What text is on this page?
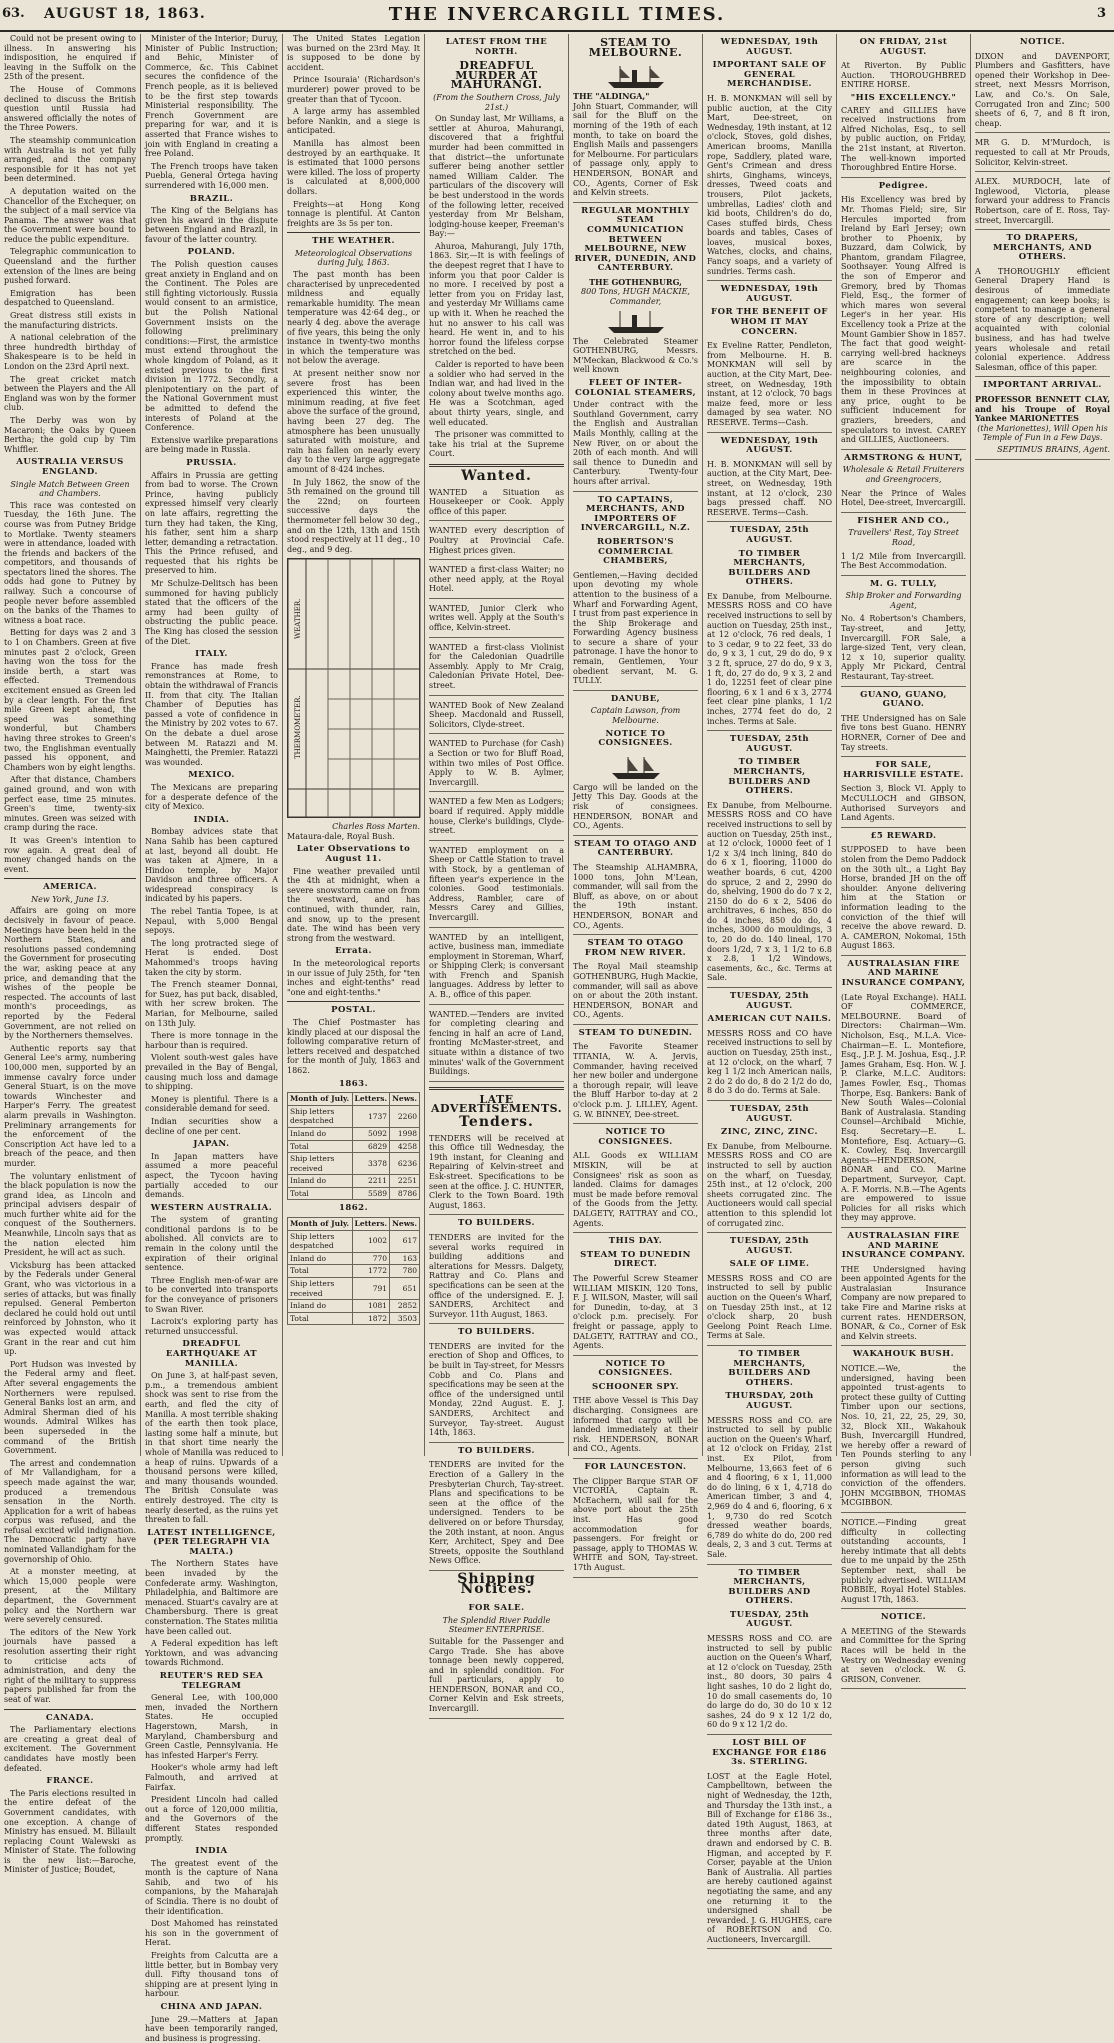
63. AUGUST 18, 1863.	THE INVERCARGILL TIMES.	3

Could not be present owing to illness. In answering his indisposition, he enquired if leaving in the Suffolk on the 25th of the present.

The House of Commons declined to discuss the British question until Russia had answered officially the notes of the Three Powers.

The steamship communication with Australia is not yet fully arranged, and the company responsible for it has not yet been determined.

A deputation waited on the Chancellor of the Exchequer, on the subject of a mail service via Panama. The answer was that the Government were bound to reduce the public expenditure.

Telegraphic communication to Queensland and the further extension of the lines are being pushed forward.

Emigration has been despatched to Queensland.

Great distress still exists in the manufacturing districts.

A national celebration of the three hundredth birthday of Shakespeare is to be held in London on the 23rd April next.

The great cricket match between the Players and the All England was won by the former club.

The Derby was won by Macaroni; the Oaks by Queen Bertha; the gold cup by Tim Whiffler.

AUSTRALIA VERSUS ENGLAND.
Single Match Between Green and Chambers.

This race was contested on Tuesday, the 16th June. The course was from Putney Bridge to Mortlake. Twenty steamers were in attendance, loaded with the friends and backers of the competitors, and thousands of spectators lined the shores. The odds had gone to Putney by railway. Such a concourse of people never before assembled on the banks of the Thames to witness a boat race.

Betting for days was 2 and 3 to 1 on Chambers. Green at five minutes past 2 o'clock, Green having won the toss for the inside berth, a start was effected. Tremendous excitement ensued as Green led by a clear length. For the first mile Green kept ahead, the speed was something wonderful, but Chambers having three strokes to Green's two, the Englishman eventually passed his opponent, and Chambers won by eight lengths.

After that distance, Chambers gained ground, and won with perfect ease, time 25 minutes. Green's time, twenty-six minutes. Green was seized with cramp during the race.

It was Green's intention to row again. A great deal of money changed hands on the event.

AMERICA.
New York, June 13.

Affairs are going on more decisively in favour of peace. Meetings have been held in the Northern States, and resolutions passed condemning the Government for prosecuting the war, asking peace at any price, and demanding that the wishes of the people be respected. The accounts of last month's proceedings, as reported by the Federal Government, are not relied on by the Northerners themselves.

Authentic reports say that General Lee's army, numbering 100,000 men, supported by an immense cavalry force under General Stuart, is on the move towards Winchester and Harper's Ferry. The greatest alarm prevails in Washington. Preliminary arrangements for the enforcement of the Conscription Act have led to a breach of the peace, and then murder.

The voluntary enlistment of the black population is now the grand idea, as Lincoln and principal advisers despair of much further white aid for the conquest of the Southerners. Meanwhile, Lincoln says that as the nation elected him President, he will act as such.

Vicksburg has been attacked by the Federals under General Grant, who was victorious in a series of attacks, but was finally repulsed. General Pemberton declared he could hold out until reinforced by Johnston, who it was expected would attack Grant in the rear and cut him up.

Port Hudson was invested by the Federal army and fleet. After several engagements the Northerners were repulsed. General Banks lost an arm, and Admiral Sherman died of his wounds. Admiral Wilkes has been superseded in the command of the British Government.

The arrest and condemnation of Mr Vallandigham, for a speech made against the war, produced a tremendous sensation in the North. Application for a writ of habeas corpus was refused, and the refusal excited wild indignation. The Democratic party have nominated Vallandigham for the governorship of Ohio.

At a monster meeting, at which 15,000 people were present, at the Military department, the Government policy and the Northern war were severely censured.

The editors of the New York journals have passed a resolution asserting their right to criticise acts of administration, and deny the right of the military to suppress papers published far from the seat of war.

CANADA.

The Parliamentary elections are creating a great deal of excitement. The Government candidates have mostly been defeated.

FRANCE.

The Paris elections resulted in the entire defeat of the Government candidates, with one exception. A change of Ministry has ensued. M. Billault replacing Count Walewski as Minister of State. The following is the new list:—Baroche, Minister of Justice; Boudet,

Minister of the Interior; Duruy, Minister of Public Instruction; and Behic, Minister of Commerce, &c. This Cabinet secures the confidence of the French people, as it is believed to be the first step towards Ministerial responsibility. The French Government are preparing for war, and it is asserted that France wishes to join with England in creating a free Poland.

The French troops have taken Puebla, General Ortega having surrendered with 16,000 men.

BRAZIL.

The King of the Belgians has given his award in the dispute between England and Brazil, in favour of the latter country.

POLAND.

The Polish question causes great anxiety in England and on the Continent. The Poles are still fighting victoriously. Russia would consent to an armistice, but the Polish National Government insists on the following preliminary conditions:—First, the armistice must extend throughout the whole kingdom of Poland, as it existed previous to the first division in 1772. Secondly, a plenipotentiary on the part of the National Government must be admitted to defend the interests of Poland at the Conference.

Extensive warlike preparations are being made in Russia.

PRUSSIA.

Affairs in Prussia are getting from bad to worse. The Crown Prince, having publicly expressed himself very clearly on late affairs, regretting the turn they had taken, the King, his father, sent him a sharp letter, demanding a retractation. This the Prince refused, and requested that his rights be preserved to him.

Mr Schulze-Delitsch has been summoned for having publicly stated that the officers of the army had been guilty of obstructing the public peace. The King has closed the session of the Diet.

ITALY.

France has made fresh remonstrances at Rome, to obtain the withdrawal of Francis II. from that city. The Italian Chamber of Deputies has passed a vote of confidence in the Ministry by 202 votes to 67. On the debate a duel arose between M. Ratazzi and M. Mainghetti, the Premier. Ratazzi was wounded.

MEXICO.

The Mexicans are preparing for a desperate defence of the city of Mexico.

INDIA.

Bombay advices state that Nana Sahib has been captured at last, beyond all doubt. He was taken at Ajmere, in a Hindoo temple, by Major Davidson and three officers. A widespread conspiracy is indicated by his papers.

The rebel Tantia Topee, is at Nepaul, with 5,000 Bengal sepoys.

The long protracted siege of Herat is ended. Dost Mahommed's troops having taken the city by storm.

The French steamer Donnai, for Suez, has put back, disabled, with her screw broken. The Marian, for Melbourne, sailed on 13th July.

There is more tonnage in the harbour than is required.

Violent south-west gales have prevailed in the Bay of Bengal, causing much loss and damage to shipping.

Money is plentiful. There is a considerable demand for seed.

Indian securities show a decline of one per cent.

JAPAN.

In Japan matters have assumed a more peaceful aspect, the Tycoon having partially acceded to our demands.

WESTERN AUSTRALIA.

The system of granting conditional pardons is to be abolished. All convicts are to remain in the colony until the expiration of their original sentence.

Three English men-of-war are to be converted into transports for the conveyance of prisoners to Swan River.

Lacroix's exploring party has returned unsuccessful.

DREADFUL EARTHQUAKE AT MANILLA.

On June 3, at half-past seven, p.m., a tremendous ambient shock was sent to rise from the earth, and fled the city of Manilla. A most terrible shaking of the earth then took place, lasting some half a minute, but in that short time nearly the whole of Manilla was reduced to a heap of ruins. Upwards of a thousand persons were killed, and many thousands wounded. The British Consulate was entirely destroyed. The city is nearly deserted, as the ruins yet threaten to fall.

LATEST INTELLIGENCE, (PER TELEGRAPH VIA MALTA.)

The Northern States have been invaded by the Confederate army. Washington, Philadelphia, and Baltimore are menaced. Stuart's cavalry are at Chambersburg. There is great consternation. The States militia have been called out.

A Federal expedition has left Yorktown, and was advancing towards Richmond.

REUTER'S RED SEA TELEGRAM

General Lee, with 100,000 men, invaded the Northern States. He occupied Hagerstown, Marsh, in Maryland, Chambersburg and Green Castle, Pennsylvania. He has infested Harper's Ferry.

Hooker's whole army had left Falmouth, and arrived at Fairfax.

President Lincoln had called out a force of 120,000 militia, and the Governors of the different States responded promptly.

INDIA

The greatest event of the month is the capture of Nana Sahib, and two of his companions, by the Maharajah of Scindia. There is no doubt of their identification.

Dost Mahomed has reinstated his son in the government of Herat.

Freights from Calcutta are a little better, but in Bombay very dull. Fifty thousand tons of shipping are at present lying in harbour.

CHINA AND JAPAN.

June 29.—Matters at Japan have been temporarily ranged, and business is progressing.

The United States Legation was burned on the 23rd May. It is supposed to be done by accident.

Prince Isouraia' (Richardson's murderer) power proved to be greater than that of Tycoon.

A large army has assembled before Nankin, and a siege is anticipated.

Manilla has almost been destroyed by an earthquake. It is estimated that 1000 persons were killed. The loss of property is calculated at 8,000,000 dollars.

Freights—at Hong Kong tonnage is plentiful. At Canton freights are 3s 5s per ton.

THE WEATHER.
Meteorological Observations during July, 1863.

The past month has been characterised by unprecedented mildness and equally remarkable humidity. The mean temperature was 42·64 deg., or nearly 4 deg. above the average of five years, this being the only instance in twenty-two months in which the temperature was not below the average.

At present neither snow nor severe frost has been experienced this winter, the minimum reading, at five feet above the surface of the ground, having been 27 deg. The atmosphere has been unusually saturated with moisture, and rain has fallen on nearly every day to the very large aggregate amount of 8·424 inches.

In July 1862, the snow of the 5th remained on the ground till the 22nd; on fourteen successive days the thermometer fell below 30 deg., and on the 12th, 13th and 15th stood respectively at 11 deg., 10 deg., and 9 deg.

WEATHER.
THERMOMETER.
Charles Ross Marten.
Mataura-dale, Royal Bush.
Later Observations to August 11.

Fine weather prevailed until the 4th at midnight, when a severe snowstorm came on from the westward, and has continued, with thunder, rain, and snow, up to the present date. The wind has been very strong from the westward.

Errata.

In the meteorological reports in our issue of July 25th, for "ten inches and eight-tenths" read "one and eight-tenths."

POSTAL.

The Chief Postmaster has kindly placed at our disposal the following comparative return of letters received and despatched for the month of July, 1863 and 1862.

1863.
Month of July.	Letters.	News.
Ship letters despatched	1737	2260
Inland do	5092	1998
Total	6829	4258
Ship letters received	3378	6236
Inland do	2211	2251
Total	5589	8786
1862.
Month of July.	Letters.	News.
Ship letters despatched	1002	617
Inland do	770	163
Total	1772	780
Ship letters received	791	651
Inland do	1081	2852
Total	1872	3503
LATEST FROM THE NORTH.
DREADFUL MURDER AT MAHURANGI.
(From the Southern Cross, July 21st.)

On Sunday last, Mr Williams, a settler at Ahuroa, Mahurangi, discovered that a frightful murder had been committed in that district—the unfortunate sufferer being another settler named William Calder. The particulars of the discovery will be best understood in the words of the following letter, received yesterday from Mr Belsham, lodging-house keeper, Freeman's Bay:—

Ahuroa, Mahurangi, July 17th, 1863. Sir,—It is with feelings of the deepest regret that I have to inform you that poor Calder is no more. I received by post a letter from you on Friday last, and yesterday Mr Williams came up with it. When he reached the hut no answer to his call was heard. He went in, and to his horror found the lifeless corpse stretched on the bed.

Calder is reported to have been a soldier who had served in the Indian war, and had lived in the colony about twelve months ago. He was a Scotchman, aged about thirty years, single, and well educated.

The prisoner was committed to take his trial at the Supreme Court.

Wanted.
WANTED a Situation as Housekeeper or Cook. Apply office of this paper.
WANTED every description of Poultry at Provincial Cafe. Highest prices given.
WANTED a first-class Waiter; no other need apply, at the Royal Hotel.
WANTED, Junior Clerk who writes well. Apply at the South's office, Kelvin-street.
WANTED a first-class Violinist for the Caledonian Quadrille Assembly. Apply to Mr Craig, Caledonian Private Hotel, Dee-street.
WANTED Book of New Zealand Sheep. Macdonald and Russell, Solicitors, Clyde-street.
WANTED to Purchase (for Cash) a Section or two for Bluff Road, within two miles of Post Office. Apply to W. B. Aylmer, Invercargill.
WANTED a few Men as Lodgers; board if required. Apply middle house, Clerke's buildings, Clyde-street.
WANTED employment on a Sheep or Cattle Station to travel with Stock, by a gentleman of fifteen year's experience in the colonies. Good testimonials. Address, Rambler, care of Messrs Carey and Gillies, Invercargill.
WANTED by an intelligent, active, business man, immediate employment in Storeman, Wharf, or Shipping Clerk; is conversant with French and Spanish languages. Address by letter to A. B., office of this paper.
WANTED.—Tenders are invited for completing clearing and fencing in half an acre of Land, fronting McMaster-street, and situate within a distance of two minutes' walk of the Government Buildings.
LATE ADVERTISEMENTS.
Tenders.
TENDERS will be received at this Office till Wednesday, the 19th instant, for Cleaning and Repairing of Kelvin-street and Esk-street. Specifications to be seen at the office. J. C. HUNTER, Clerk to the Town Board. 19th August, 1863.
TO BUILDERS.
TENDERS are invited for the several works required in building additions and alterations for Messrs. Dalgety, Rattray and Co. Plans and specifications can be seen at the office of the undersigned. E. J. SANDERS, Architect and Surveyor. 11th August, 1863.
TO BUILDERS.
TENDERS are invited for the erection of Shop and Offices, to be built in Tay-street, for Messrs Cobb and Co. Plans and specifications may be seen at the office of the undersigned until Monday, 22nd August. E. J. SANDERS, Architect and Surveyor, Tay-street. August 14th, 1863.
TO BUILDERS.
TENDERS are invited for the Erection of a Gallery in the Presbyterian Church, Tay-street. Plans and specifications to be seen at the office of the undersigned. Tenders to be delivered on or before Thursday, the 20th instant, at noon. Angus Kerr, Architect, Spey and Dee Streets, opposite the Southland News Office.
Shipping Notices.
FOR SALE.
The Splendid River Paddle Steamer ENTERPRISE.
Suitable for the Passenger and Cargo Trade. She has above tonnage been newly coppered, and in splendid condition. For full particulars, apply to HENDERSON, BONAR and CO., Corner Kelvin and Esk streets, Invercargill.
STEAM TO MELBOURNE.
THE "ALDINGA,"
John Stuart, Commander, will sail for the Bluff on the morning of the 19th of each month, to take on board the English Mails and passengers for Melbourne. For particulars of passage only, apply to HENDERSON, BONAR and CO., Agents, Corner of Esk and Kelvin streets.
REGULAR MONTHLY STEAM COMMUNICATION BETWEEN MELBOURNE, NEW RIVER, DUNEDIN, AND CANTERBURY.
THE GOTHENBURG,
800 Tons, HUGH MACKIE, Commander,
The Celebrated Steamer GOTHENBURG, Messrs. M'Meckan, Blackwood & Co.'s well known
FLEET OF INTER-COLONIAL STEAMERS,
Under contract with the Southland Government, carry the English and Australian Mails Monthly, calling at the New River, on or about the 20th of each month. And will sail thence to Dunedin and Canterbury. Twenty-four hours after arrival.
TO CAPTAINS, MERCHANTS, AND IMPORTERS OF INVERCARGILL, N.Z.
ROBERTSON'S COMMERCIAL CHAMBERS,
Gentlemen,—Having decided upon devoting my whole attention to the business of a Wharf and Forwarding Agent, I trust from past experience in the Ship Brokerage and Forwarding Agency business to secure a share of your patronage. I have the honor to remain, Gentlemen, Your obedient servant, M. G. TULLY.
DANUBE,
Captain Lawson, from Melbourne.
NOTICE TO CONSIGNEES.
Cargo will be landed on the Jetty This Day. Goods at the risk of consignees. HENDERSON, BONAR and CO., Agents.
STEAM TO OTAGO AND CANTERBURY.
The Steamship ALHAMBRA, 1000 tons, John M'Lean, commander, will sail from the Bluff, as above, on or about the 19th instant. HENDERSON, BONAR and CO., Agents.
STEAM TO OTAGO FROM NEW RIVER.
The Royal Mail steamship GOTHENBURG, Hugh Mackie, commander, will sail as above on or about the 20th instant. HENDERSON, BONAR and CO., Agents.
STEAM TO DUNEDIN.
The Favorite Steamer TITANIA, W. A. Jervis, Commander, having received her new boiler and undergone a thorough repair, will leave the Bluff Harbor to-day at 2 o'clock p.m. J. LILLEY, Agent. G. W. BINNEY, Dee-street.
NOTICE TO CONSIGNEES.
ALL Goods ex WILLIAM MISKIN, will be at Consignees' risk as soon as landed. Claims for damages must be made before removal of the Goods from the Jetty. DALGETY, RATTRAY and CO., Agents.
THIS DAY.
STEAM TO DUNEDIN DIRECT.
The Powerful Screw Steamer WILLIAM MISKIN, 120 Tons, F. J. WILSON, Master, will sail for Dunedin, to-day, at 3 o'clock p.m. precisely. For freight or passage, apply to DALGETY, RATTRAY and CO., Agents.
NOTICE TO CONSIGNEES.
SCHOONER SPY.
THE above Vessel is This Day discharging. Consignees are informed that cargo will be landed immediately at their risk. HENDERSON, BONAR and CO., Agents.
FOR LAUNCESTON.
The Clipper Barque STAR OF VICTORIA, Captain R. McEachern, will sail for the above port about the 25th inst. Has good accommodation for passengers. For freight or passage, apply to THOMAS W. WHITE and SON, Tay-street. 17th August.
WEDNESDAY, 19th AUGUST.
IMPORTANT SALE OF GENERAL MERCHANDISE.
H. B. MONKMAN will sell by public auction, at the City Mart, Dee-street, on Wednesday, 19th instant, at 12 o'clock, Stoves, gold dishes, American brooms, Manilla rope, Saddlery, plated ware, Gent's Crimean and dress shirts, Ginghams, winceys, dresses, Tweed coats and trousers, Pilot jackets, umbrellas, Ladies' cloth and kid boots, Children's do do, Cases stuffed birds, Chess boards and tables, Cases of loaves, musical boxes, Watches, clocks, and chains, Fancy soaps, and a variety of sundries. Terms cash.
WEDNESDAY, 19th AUGUST.
FOR THE BENEFIT OF WHOM IT MAY CONCERN.
Ex Eveline Ratter, Pendleton, from Melbourne. H. B. MONKMAN will sell by auction, at the City Mart, Dee-street, on Wednesday, 19th instant, at 12 o'clock, 70 bags maize feed, more or less damaged by sea water. NO RESERVE. Terms—Cash.
WEDNESDAY, 19th AUGUST.
H. B. MONKMAN will sell by auction, at the City Mart, Dee-street, on Wednesday, 19th instant, at 12 o'clock, 230 bags pressed chaff. NO RESERVE. Terms—Cash.
TUESDAY, 25th AUGUST.
TO TIMBER MERCHANTS, BUILDERS AND OTHERS.
Ex Danube, from Melbourne. MESSRS ROSS and CO have received instructions to sell by auction on Tuesday, 25th inst., at 12 o'clock, 76 red deals, 1 to 3 cedar, 9 to 22 feet, 33 do do, 9 x 3, 1 cut, 29 do do, 9 x 3 2 ft, spruce, 27 do do, 9 x 3, 1 ft, do, 27 do do, 9 x 3, 2 and 1 do, 12251 feet of clear pine flooring, 6 x 1 and 6 x 3, 2774 feet clear pine planks, 1 1/2 inches, 2774 feet do do, 2 inches. Terms at Sale.
TUESDAY, 25th AUGUST.
TO TIMBER MERCHANTS, BUILDERS AND OTHERS.
Ex Danube, from Melbourne. MESSRS ROSS and CO have received instructions to sell by auction on Tuesday, 25th inst., at 12 o'clock, 10000 feet of 1 1/2 x 3/4 inch lining, 840 do do 6 x 1, flooring, 11000 do weather boards, 6 cut, 4200 do spruce, 2 and 2, 2990 do do, shelving, 1900 do do 7 x 2, 2150 do do 6 x 2, 5406 do architraves, 6 inches, 850 do do 4 inches, 850 do do, 4 inches, 3000 do mouldings, 3 to, 20 do do. 140 lineal, 170 doors 1/2d, 7 x 3, 1 1/2 to 6.8 x 2.8, 1 1/2 Windows, casements, &c., &c. Terms at Sale.
TUESDAY, 25th AUGUST.
AMERICAN CUT NAILS.
MESSRS ROSS and CO have received instructions to sell by auction on Tuesday, 25th inst., at 12 o'clock, on the wharf, 7 keg 1 1/2 inch American nails, 2 do 2 do do, 8 do 2 1/2 do do, 8 do 3 do do. Terms at Sale.
TUESDAY, 25th AUGUST.
ZINC, ZINC, ZINC.
Ex Danube, from Melbourne. MESSRS ROSS and CO are instructed to sell by auction on the wharf, on Tuesday, 25th inst., at 12 o'clock, 200 sheets corrugated zinc. The Auctioneers would call special attention to this splendid lot of corrugated zinc.
TUESDAY, 25th AUGUST.
SALE OF LIME.
MESSRS ROSS and CO are instructed to sell by public auction on the Queen's Wharf, on Tuesday 25th inst., at 12 o'clock sharp, 20 bush Geelong Point Reach Lime. Terms at Sale.
TO TIMBER MERCHANTS, BUILDERS AND OTHERS.
THURSDAY, 20th AUGUST.
MESSRS ROSS and CO. are instructed to sell by public auction on the Queen's Wharf, at 12 o'clock on Friday, 21st inst. Ex Pilot, from Melbourne, 13,663 feet of 6 and 4 flooring, 6 x 1, 11,000 do do lining, 6 x 1, 4,718 do American timber, 3 and 4, 2,969 do 4 and 6, flooring, 6 x 1, 9,730 do red Scotch dressed weather boards, 6,789 do white do do, 200 red deals, 2, 3 and 3 cut. Terms at Sale.
TO TIMBER MERCHANTS, BUILDERS AND OTHERS.
TUESDAY, 25th AUGUST.
MESSRS ROSS and CO. are instructed to sell by public auction on the Queen's Wharf, at 12 o'clock on Tuesday, 25th inst., 80 doors, 30 pairs 4 light sashes, 10 do 2 light do, 10 do small casements do, 10 do large do do, 30 do 10 x 12 sashes, 24 do 9 x 12 1/2 do, 60 do 9 x 12 1/2 do.
LOST BILL OF EXCHANGE FOR £186 3s. STERLING.
LOST at the Eagle Hotel, Campbelltown, between the night of Wednesday, the 12th, and Thursday the 13th inst., a Bill of Exchange for £186 3s., dated 19th August, 1863, at three months after date, drawn and endorsed by C. B. Higman, and accepted by F. Corser, payable at the Union Bank of Australia. All parties are hereby cautioned against negotiating the same, and any one returning it to the undersigned shall be rewarded. J. G. HUGHES, care of ROBERTSON and Co. Auctioneers, Invercargill.
ON FRIDAY, 21st AUGUST.
At Riverton. By Public Auction. THOROUGHBRED ENTIRE HORSE.
"HIS EXCELLENCY."
CAREY and GILLIES have received instructions from Alfred Nicholas, Esq., to sell by public auction, on Friday, the 21st instant, at Riverton. The well-known imported Thoroughbred Entire Horse.
Pedigree.
His Excellency was bred by Mr. Thomas Field; sire, Sir Hercules imported from Ireland by Earl Jersey; own brother to Phoenix, by Buzzard, dam Colwick, by Phantom, grandam Filagree, Soothsayer. Young Alfred is the son of Emperor and Gremory, bred by Thomas Field, Esq., the former of which mares won several Leger's in her year. His Excellency took a Prize at the Mount Gambier Show in 1857. The fact that good weight-carrying well-bred hackneys are scarce in the neighbouring colonies, and the impossibility to obtain them in these Provinces at any price, ought to be sufficient inducement for graziers, breeders, and speculators to invest. CAREY and GILLIES, Auctioneers.
ARMSTRONG & HUNT,
Wholesale & Retail Fruiterers and Greengrocers,
Near the Prince of Wales Hotel, Dee-street, Invercargill.
FISHER AND CO.,
Travellers' Rest, Tay Street Road,
1 1/2 Mile from Invercargill. The Best Accommodation.
M. G. TULLY,
Ship Broker and Forwarding Agent,
No. 4 Robertson's Chambers, Tay-street, and Jetty, Invercargill. FOR Sale, a large-sized Tent, very clean, 12 x 10, superior quality. Apply Mr Pickard, Central Restaurant, Tay-street.
GUANO, GUANO, GUANO.
THE Undersigned has on Sale five tons best Guano. HENRY HORNER, Corner of Dee and Tay streets.
FOR SALE, HARRISVILLE ESTATE.
Section 3, Block VI. Apply to McCULLOCH and GIBSON, Authorised Surveyors and Land Agents.
£5 REWARD.
SUPPOSED to have been stolen from the Demo Paddock on the 30th ult., a Light Bay Horse, branded JH on the off shoulder. Anyone delivering him at the Station or information leading to the conviction of the thief will receive the above reward. D. A. CAMERON, Nokomai, 15th August 1863.
AUSTRALASIAN FIRE AND MARINE INSURANCE COMPANY,
(Late Royal Exchange). HALL OF COMMERCE, MELBOURNE. Board of Directors: Chairman—Wm. Nicholson, Esq., M.L.A. Vice-Chairman—E. L. Montefiore, Esq., J.P. J. M. Joshua, Esq., J.P. James Graham, Esq. Hon. W. J. P. Clarke, M.L.C. Auditors: James Fowler, Esq., Thomas Thorpe, Esq. Bankers: Bank of New South Wales—Colonial Bank of Australasia. Standing Counsel—Archibald Michie, Esq. Secretary—E. L. Montefiore, Esq. Actuary—G. K. Cowley, Esq. Invercargill Agents—HENDERSON, BONAR and CO. Marine Department, Surveyor, Capt. A. F. Morris. N.B.—The Agents are empowered to issue Policies for all risks which they may approve.
AUSTRALASIAN FIRE AND MARINE INSURANCE COMPANY.
THE Undersigned having been appointed Agents for the Australasian Insurance Company are now prepared to take Fire and Marine risks at current rates. HENDERSON, BONAR, & Co., Corner of Esk and Kelvin streets.
WAKAHOUK BUSH.
NOTICE.—We, the undersigned, having been appointed trust-agents to protect these guilty of Cutting Timber upon our sections, Nos. 10, 21, 22, 25, 29, 30, 32, Block XII., Wakahouk Bush, Invercargill Hundred, we hereby offer a reward of Ten Pounds sterling to any person giving such information as will lead to the conviction of the offenders. JOHN MCGIBBON, THOMAS MCGIBBON.
NOTICE.—Finding great difficulty in collecting outstanding accounts, I hereby intimate that all debts due to me unpaid by the 25th September next, shall be publicly advertised. WILLIAM ROBBIE, Royal Hotel Stables. August 17th, 1863.
NOTICE.
A MEETING of the Stewards and Committee for the Spring Races will be held in the Vestry on Wednesday evening at seven o'clock. W. G. GRISON, Convener.
NOTICE.
DIXON and DAVENPORT, Plumbers and Gasfitters, have opened their Workshop in Dee-street, next Messrs Morrison, Law, and Co.'s. On Sale, Corrugated Iron and Zinc; 500 sheets of 6, 7, and 8 ft iron, cheap.
MR G. D. M'Murdoch, is requested to call at Mr Prouds, Solicitor, Kelvin-street.
ALEX. MURDOCH, late of Inglewood, Victoria, please forward your address to Francis Robertson, care of E. Ross, Tay-street, Invercargill.
TO DRAPERS, MERCHANTS, AND OTHERS.
A THOROUGHLY efficient General Drapery Hand is desirous of immediate engagement; can keep books; is competent to manage a general store of any description; well acquainted with colonial business, and has had twelve years wholesale and retail colonial experience. Address Salesman, office of this paper.
IMPORTANT ARRIVAL.
PROFESSOR BENNETT CLAY, and his Troupe of Royal Yankee MARIONETTES
(the Marionettes), Will Open his Temple of Fun in a Few Days.
SEPTIMUS BRAINS, Agent.
